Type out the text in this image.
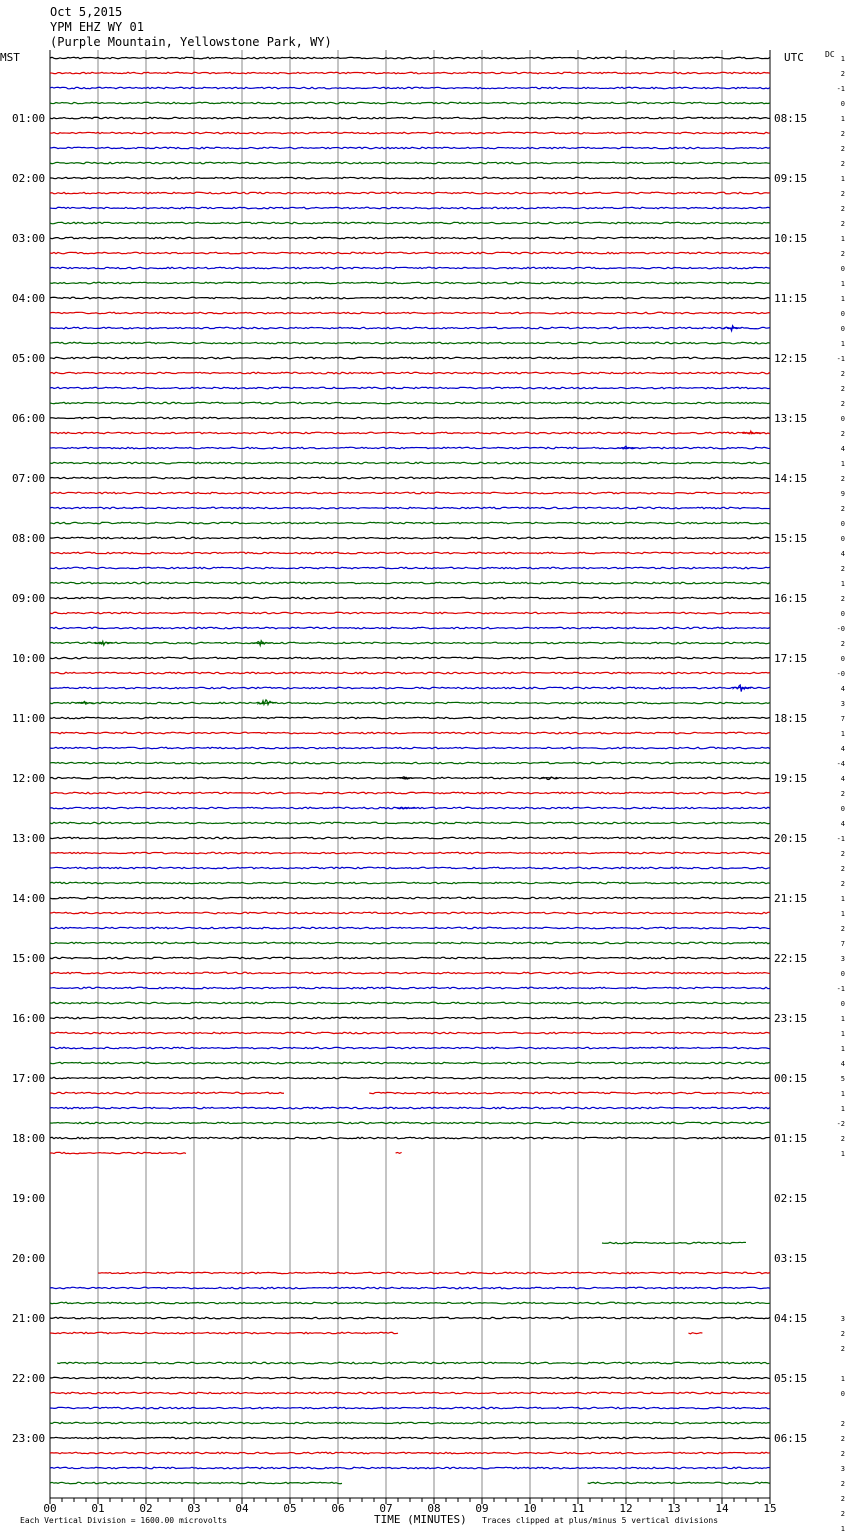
Oct 5,2015
YPM EHZ WY 01
(Purple Mountain, Yellowstone Park, WY)
MST	UTC	DC
01:00	08:15
02:00	09:15
03:00	10:15
04:00	11:15
05:00	12:15
06:00	13:15
07:00	14:15
08:00	15:15
09:00	16:15
10:00	17:15
11:00	18:15
12:00	19:15
13:00	20:15
14:00	21:15
15:00	22:15
16:00	23:15
17:00	00:15
18:00	01:15
19:00	02:15
20:00	03:15
21:00	04:15
22:00	05:15
23:00	06:15
1
2
-1
0
1
2
2
2
1
2
2
2
1
2
0
1
1
0
0
1
-1
2
2
2
0
2
4
1
2
9
2
0
0
4
2
1
2
0
-0
2
0
-0
4
3
7
1
4
-4
4
2
0
4
-1
2
2
2
1
1
2
7
3
0
-1
0
1
1
1
4
5
1
1
-2
2
1
3
2
2
1
0
2
2
2
3
2
2
2
1
00	01	02	03	04	05	06	07	08	09	10	11	12	13	14	15
Each Vertical Division = 1600.00 microvolts	TIME (MINUTES) Traces clipped at plus/minus 5 vertical divisions
